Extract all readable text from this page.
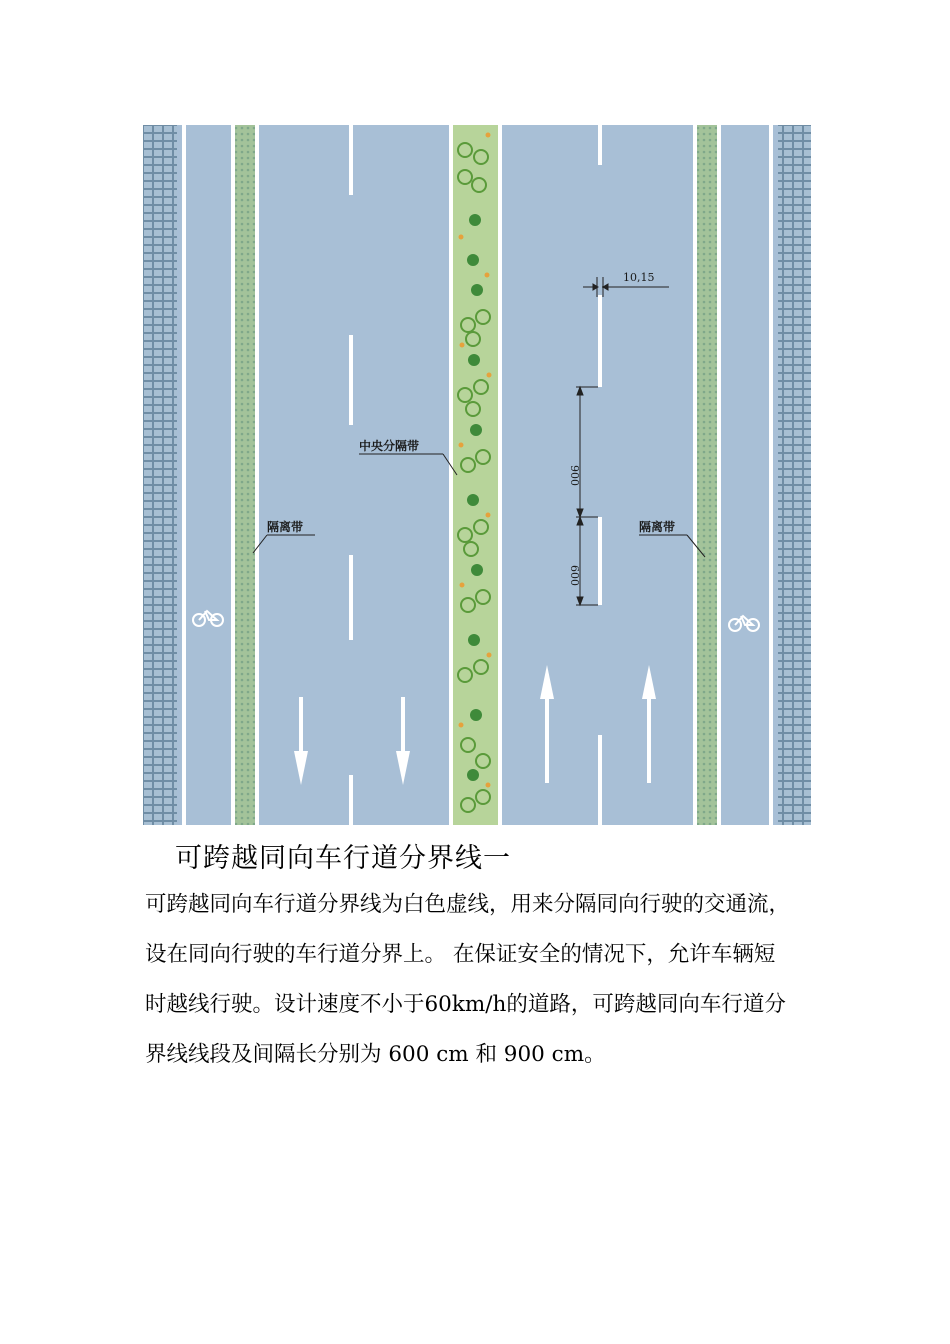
中央分隔带
隔离带	隔离带
10,15
900
600
可跨越同向车行道分界线一
可跨越同向车行道分界线为白色虚线，用来分隔同向行驶的交通流，
设在同向行驶的车行道分界上。 在保证安全的情况下，允许车辆短
时越线行驶。设计速度不小于60km/h的道路，可跨越同向车行道分
界线线段及间隔长分别为 600 cm 和 900 cm。
